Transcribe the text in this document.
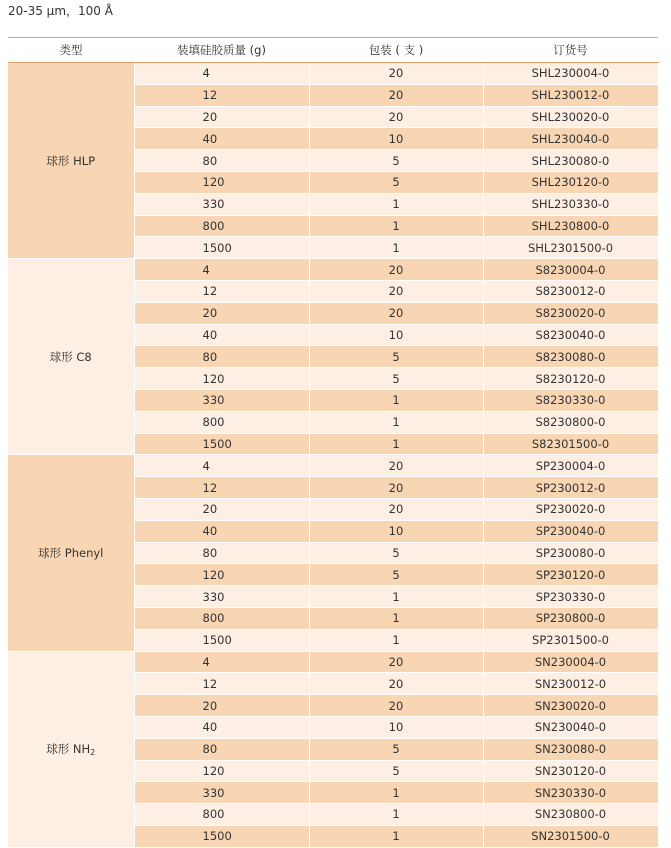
20-35 µm，100 Å
类型	装填硅胶质量 (g)	包装 ( 支 )	订货号
球形 HLP	4	20	SHL230004-0
	12	20	SHL230012-0
	20	20	SHL230020-0
	40	10	SHL230040-0
	80	5	SHL230080-0
	120	5	SHL230120-0
	330	1	SHL230330-0
	800	1	SHL230800-0
	1500	1	SHL2301500-0
球形 C8	4	20	S8230004-0
	12	20	S8230012-0
	20	20	S8230020-0
	40	10	S8230040-0
	80	5	S8230080-0
	120	5	S8230120-0
	330	1	S8230330-0
	800	1	S8230800-0
	1500	1	S82301500-0
球形 Phenyl	4	20	SP230004-0
	12	20	SP230012-0
	20	20	SP230020-0
	40	10	SP230040-0
	80	5	SP230080-0
	120	5	SP230120-0
	330	1	SP230330-0
	800	1	SP230800-0
	1500	1	SP2301500-0
球形 $NH_2$	4	20	SN230004-0
	12	20	SN230012-0
	20	20	SN230020-0
	40	10	SN230040-0
	80	5	SN230080-0
	120	5	SN230120-0
	330	1	SN230330-0
	800	1	SN230800-0
	1500	1	SN2301500-0
